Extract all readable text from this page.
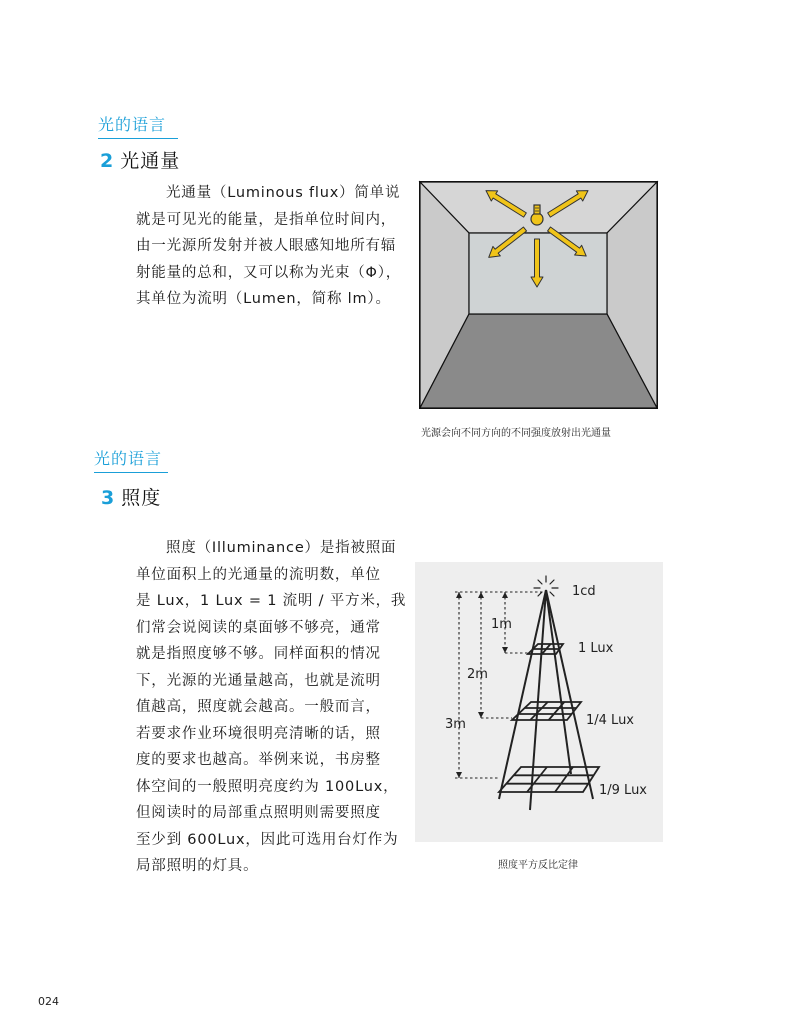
光的语言
2 光通量
光通量（Luminous flux）简单说
就是可见光的能量，是指单位时间内，
由一光源所发射并被人眼感知地所有辐
射能量的总和，又可以称为光束（Φ），
其单位为流明（Lumen，简称 lm）。
光源会向不同方向的不同强度放射出光通量
光的语言
3 照度
照度（Illuminance）是指被照面
单位面积上的光通量的流明数，单位
是 Lux，1 Lux = 1 流明 / 平方米，我
们常会说阅读的桌面够不够亮，通常
就是指照度够不够。同样面积的情况
下，光源的光通量越高，也就是流明
值越高，照度就会越高。一般而言，
若要求作业环境很明亮清晰的话，照
度的要求也越高。举例来说，书房整
体空间的一般照明亮度约为 100Lux，
但阅读时的局部重点照明则需要照度
至少到 600Lux，因此可选用台灯作为
局部照明的灯具。
1cd
1m
2m
3m
1 Lux
1/4 Lux
1/9 Lux
照度平方反比定律
024
